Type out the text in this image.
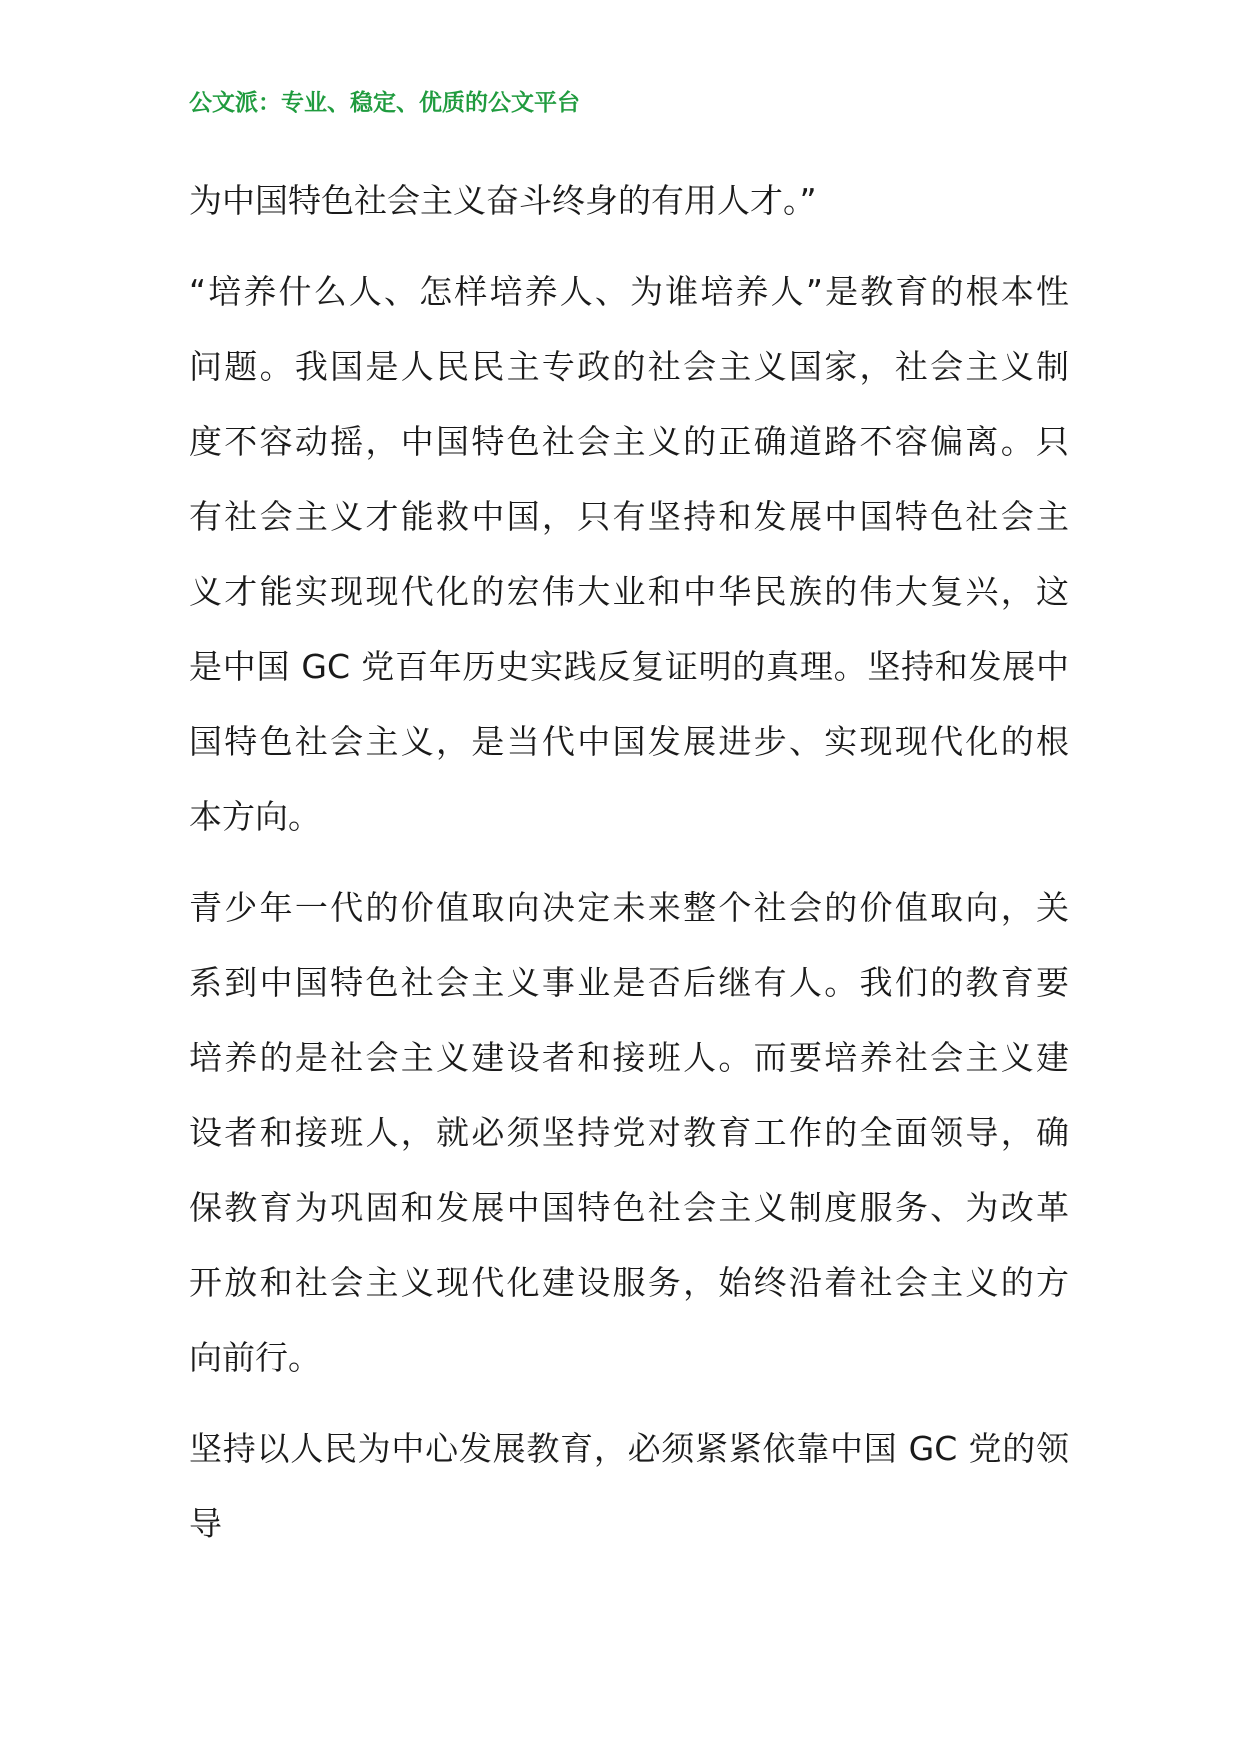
公文派：专业、稳定、优质的公文平台
为中国特色社会主义奋斗终身的有用人才。”
“培养什么人、怎样培养人、为谁培养人”是教育的根本性
问题。我国是人民民主专政的社会主义国家，社会主义制
度不容动摇，中国特色社会主义的正确道路不容偏离。只
有社会主义才能救中国，只有坚持和发展中国特色社会主
义才能实现现代化的宏伟大业和中华民族的伟大复兴，这
是中国 GC 党百年历史实践反复证明的真理。坚持和发展中
国特色社会主义，是当代中国发展进步、实现现代化的根
本方向。
青少年一代的价值取向决定未来整个社会的价值取向，关
系到中国特色社会主义事业是否后继有人。我们的教育要
培养的是社会主义建设者和接班人。而要培养社会主义建
设者和接班人，就必须坚持党对教育工作的全面领导，确
保教育为巩固和发展中国特色社会主义制度服务、为改革
开放和社会主义现代化建设服务，始终沿着社会主义的方
向前行。
坚持以人民为中心发展教育，必须紧紧依靠中国 GC 党的领
导
